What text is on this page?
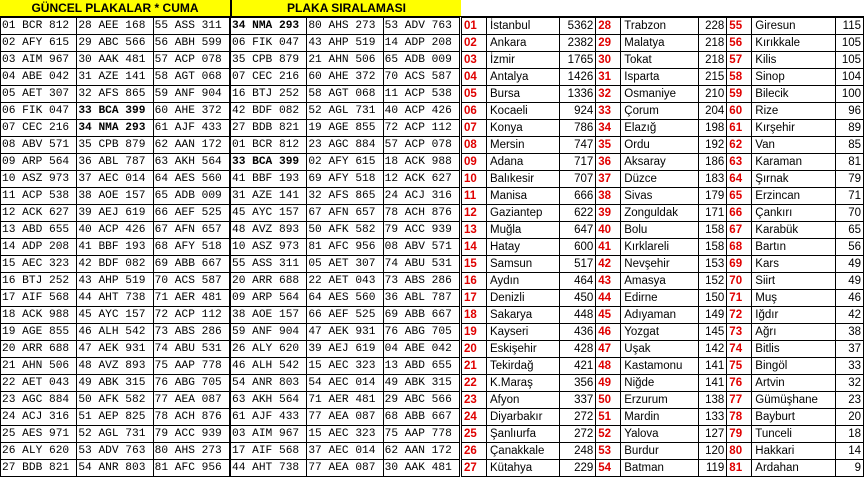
GÜNCEL PLAKALAR * CUMA	PLAKA SIRALAMASI
01 BCR 812	28 AEE 168	55 ASS 311	34 NMA 293	80 AHS 273	53 ADV 763
02 AFY 615	29 ABC 566	56 ABH 599	06 FIK 047	43 AHP 519	14 ADP 208
03 AIM 967	30 AAK 481	57 ACP 078	35 CPB 879	21 AHN 506	65 ADB 009
04 ABE 042	31 AZE 141	58 AGT 068	07 CEC 216	60 AHE 372	70 ACS 587
05 AET 307	32 AFS 865	59 ANF 904	16 BTJ 252	58 AGT 068	11 ACP 538
06 FIK 047	33 BCA 399	60 AHE 372	42 BDF 082	52 AGL 731	40 ACP 426
07 CEC 216	34 NMA 293	61 AJF 433	27 BDB 821	19 AGE 855	72 ACP 112
08 ABV 571	35 CPB 879	62 AAN 172	01 BCR 812	23 AGC 884	57 ACP 078
09 ARP 564	36 ABL 787	63 AKH 564	33 BCA 399	02 AFY 615	18 ACK 988
10 ASZ 973	37 AEC 014	64 AES 560	41 BBF 193	69 AFY 518	12 ACK 627
11 ACP 538	38 AOE 157	65 ADB 009	31 AZE 141	32 AFS 865	24 ACJ 316
12 ACK 627	39 AEJ 619	66 AEF 525	45 AYC 157	67 AFN 657	78 ACH 876
13 ABD 655	40 ACP 426	67 AFN 657	48 AVZ 893	50 AFK 582	79 ACC 939
14 ADP 208	41 BBF 193	68 AFY 518	10 ASZ 973	81 AFC 956	08 ABV 571
15 AEC 323	42 BDF 082	69 ABB 667	55 ASS 311	05 AET 307	74 ABU 531
16 BTJ 252	43 AHP 519	70 ACS 587	20 ARR 688	22 AET 043	73 ABS 286
17 AIF 568	44 AHT 738	71 AER 481	09 ARP 564	64 AES 560	36 ABL 787
18 ACK 988	45 AYC 157	72 ACP 112	38 AOE 157	66 AEF 525	69 ABB 667
19 AGE 855	46 ALH 542	73 ABS 286	59 ANF 904	47 AEK 931	76 ABG 705
20 ARR 688	47 AEK 931	74 ABU 531	26 ALY 620	39 AEJ 619	04 ABE 042
21 AHN 506	48 AVZ 893	75 AAP 778	46 ALH 542	15 AEC 323	13 ABD 655
22 AET 043	49 ABK 315	76 ABG 705	54 ANR 803	54 AEC 014	49 ABK 315
23 AGC 884	50 AFK 582	77 AEA 087	63 AKH 564	71 AER 481	29 ABC 566
24 ACJ 316	51 AEP 825	78 ACH 876	61 AJF 433	77 AEA 087	68 ABB 667
25 AES 971	52 AGL 731	79 ACC 939	03 AIM 967	15 AEC 323	75 AAP 778
26 ALY 620	53 ADV 763	80 AHS 273	17 AIF 568	37 AEC 014	62 AAN 172
27 BDB 821	54 ANR 803	81 AFC 956	44 AHT 738	77 AEA 087	30 AAK 481
01	İstanbul	5362	28	Trabzon	228	55	Giresun	115
02	Ankara	2382	29	Malatya	218	56	Kırıkkale	105
03	İzmir	1765	30	Tokat	218	57	Kilis	105
04	Antalya	1426	31	Isparta	215	58	Sinop	104
05	Bursa	1336	32	Osmaniye	210	59	Bilecik	100
06	Kocaeli	924	33	Çorum	204	60	Rize	96
07	Konya	786	34	Elazığ	198	61	Kırşehir	89
08	Mersin	747	35	Ordu	192	62	Van	85
09	Adana	717	36	Aksaray	186	63	Karaman	81
10	Balıkesir	707	37	Düzce	183	64	Şırnak	79
11	Manisa	666	38	Sivas	179	65	Erzincan	71
12	Gaziantep	622	39	Zonguldak	171	66	Çankırı	70
13	Muğla	647	40	Bolu	158	67	Karabük	65
14	Hatay	600	41	Kırklareli	158	68	Bartın	56
15	Samsun	517	42	Nevşehir	153	69	Kars	49
16	Aydın	464	43	Amasya	152	70	Siirt	49
17	Denizli	450	44	Edirne	150	71	Muş	46
18	Sakarya	448	45	Adıyaman	149	72	Iğdır	42
19	Kayseri	436	46	Yozgat	145	73	Ağrı	38
20	Eskişehir	428	47	Uşak	142	74	Bitlis	37
21	Tekirdağ	421	48	Kastamonu	141	75	Bingöl	33
22	K.Maraş	356	49	Niğde	141	76	Artvin	32
23	Afyon	337	50	Erzurum	138	77	Gümüşhane	23
24	Diyarbakır	272	51	Mardin	133	78	Bayburt	20
25	Şanlıurfa	272	52	Yalova	127	79	Tunceli	18
26	Çanakkale	248	53	Burdur	120	80	Hakkari	14
27	Kütahya	229	54	Batman	119	81	Ardahan	9
